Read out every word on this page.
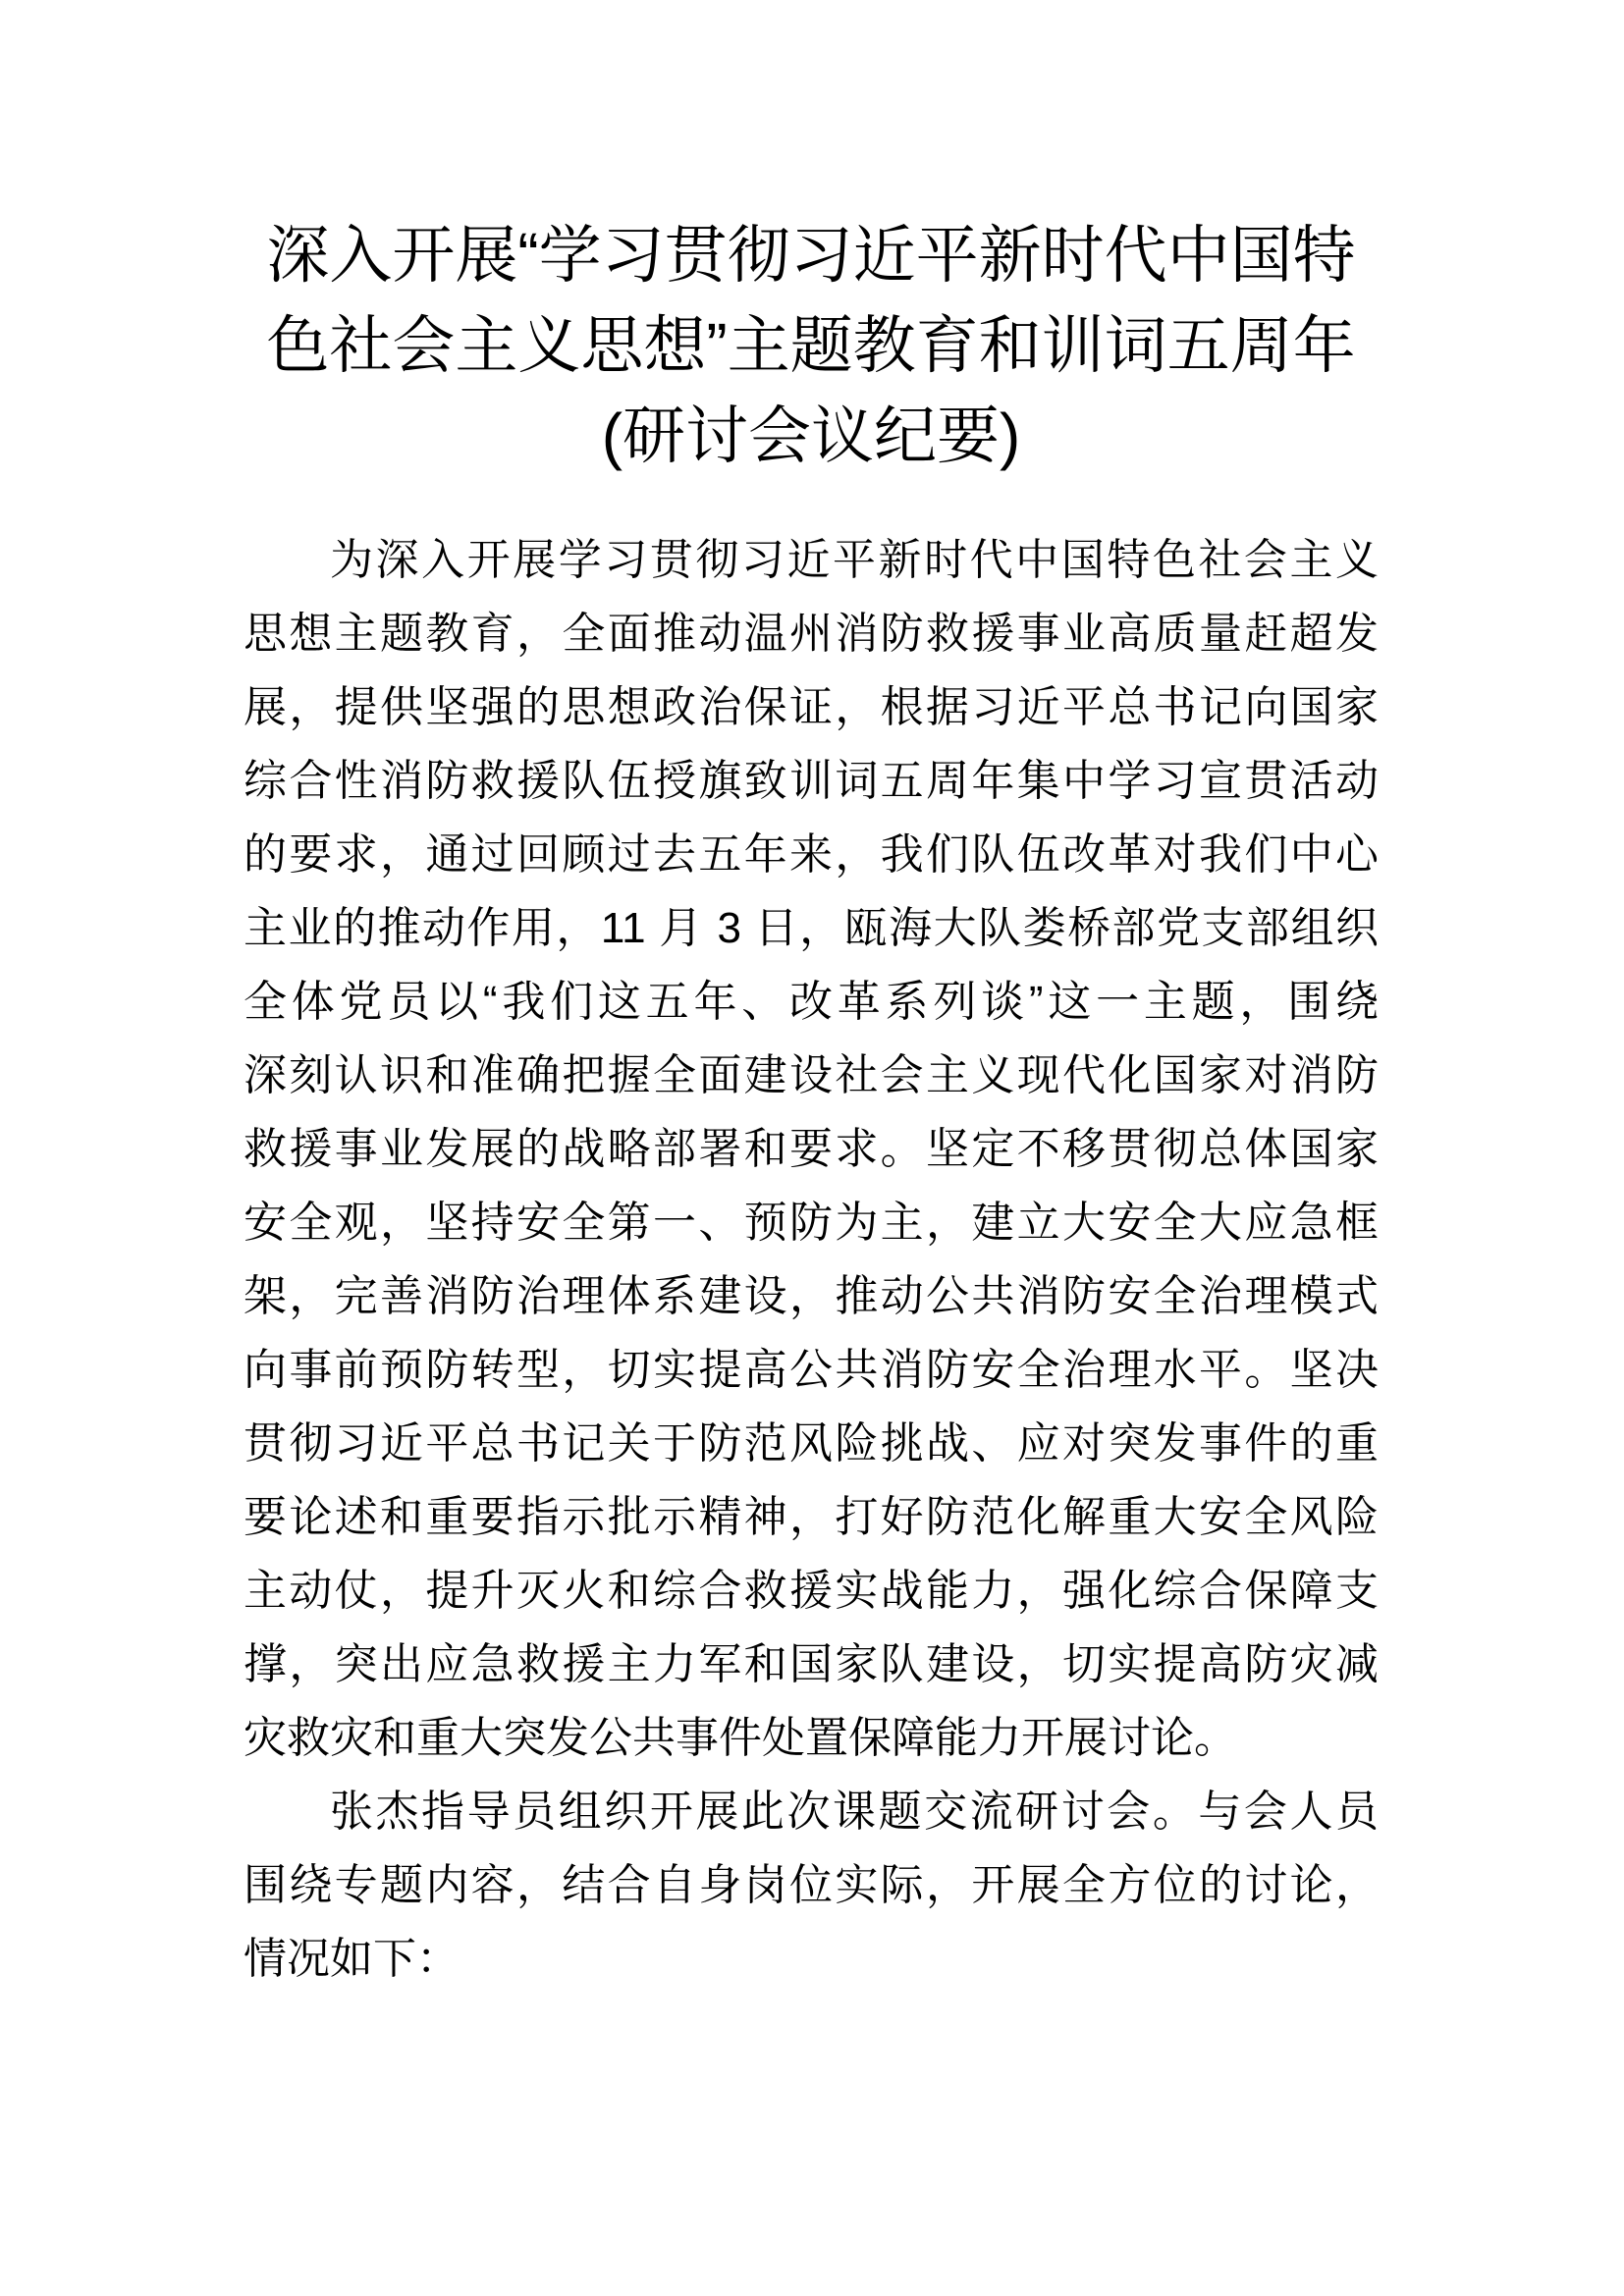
深入开展“学习贯彻习近平新时代中国特
色社会主义思想”主题教育和训词五周年
(研讨会议纪要)
为深入开展学习贯彻习近平新时代中国特色社会主义
思想主题教育，全面推动温州消防救援事业高质量赶超发
展，提供坚强的思想政治保证，根据习近平总书记向国家
综合性消防救援队伍授旗致训词五周年集中学习宣贯活动
的要求，通过回顾过去五年来，我们队伍改革对我们中心
主业的推动作用，11 月 3 日，瓯海大队娄桥部党支部组织
全体党员以“我们这五年、改革系列谈”这一主题，围绕
深刻认识和准确把握全面建设社会主义现代化国家对消防
救援事业发展的战略部署和要求。坚定不移贯彻总体国家
安全观，坚持安全第一、预防为主，建立大安全大应急框
架，完善消防治理体系建设，推动公共消防安全治理模式
向事前预防转型，切实提高公共消防安全治理水平。坚决
贯彻习近平总书记关于防范风险挑战、应对突发事件的重
要论述和重要指示批示精神，打好防范化解重大安全风险
主动仗，提升灭火和综合救援实战能力，强化综合保障支
撑，突出应急救援主力军和国家队建设，切实提高防灾减
灾救灾和重大突发公共事件处置保障能力开展讨论。
张杰指导员组织开展此次课题交流研讨会。与会人员
围绕专题内容，结合自身岗位实际，开展全方位的讨论，
情况如下：
